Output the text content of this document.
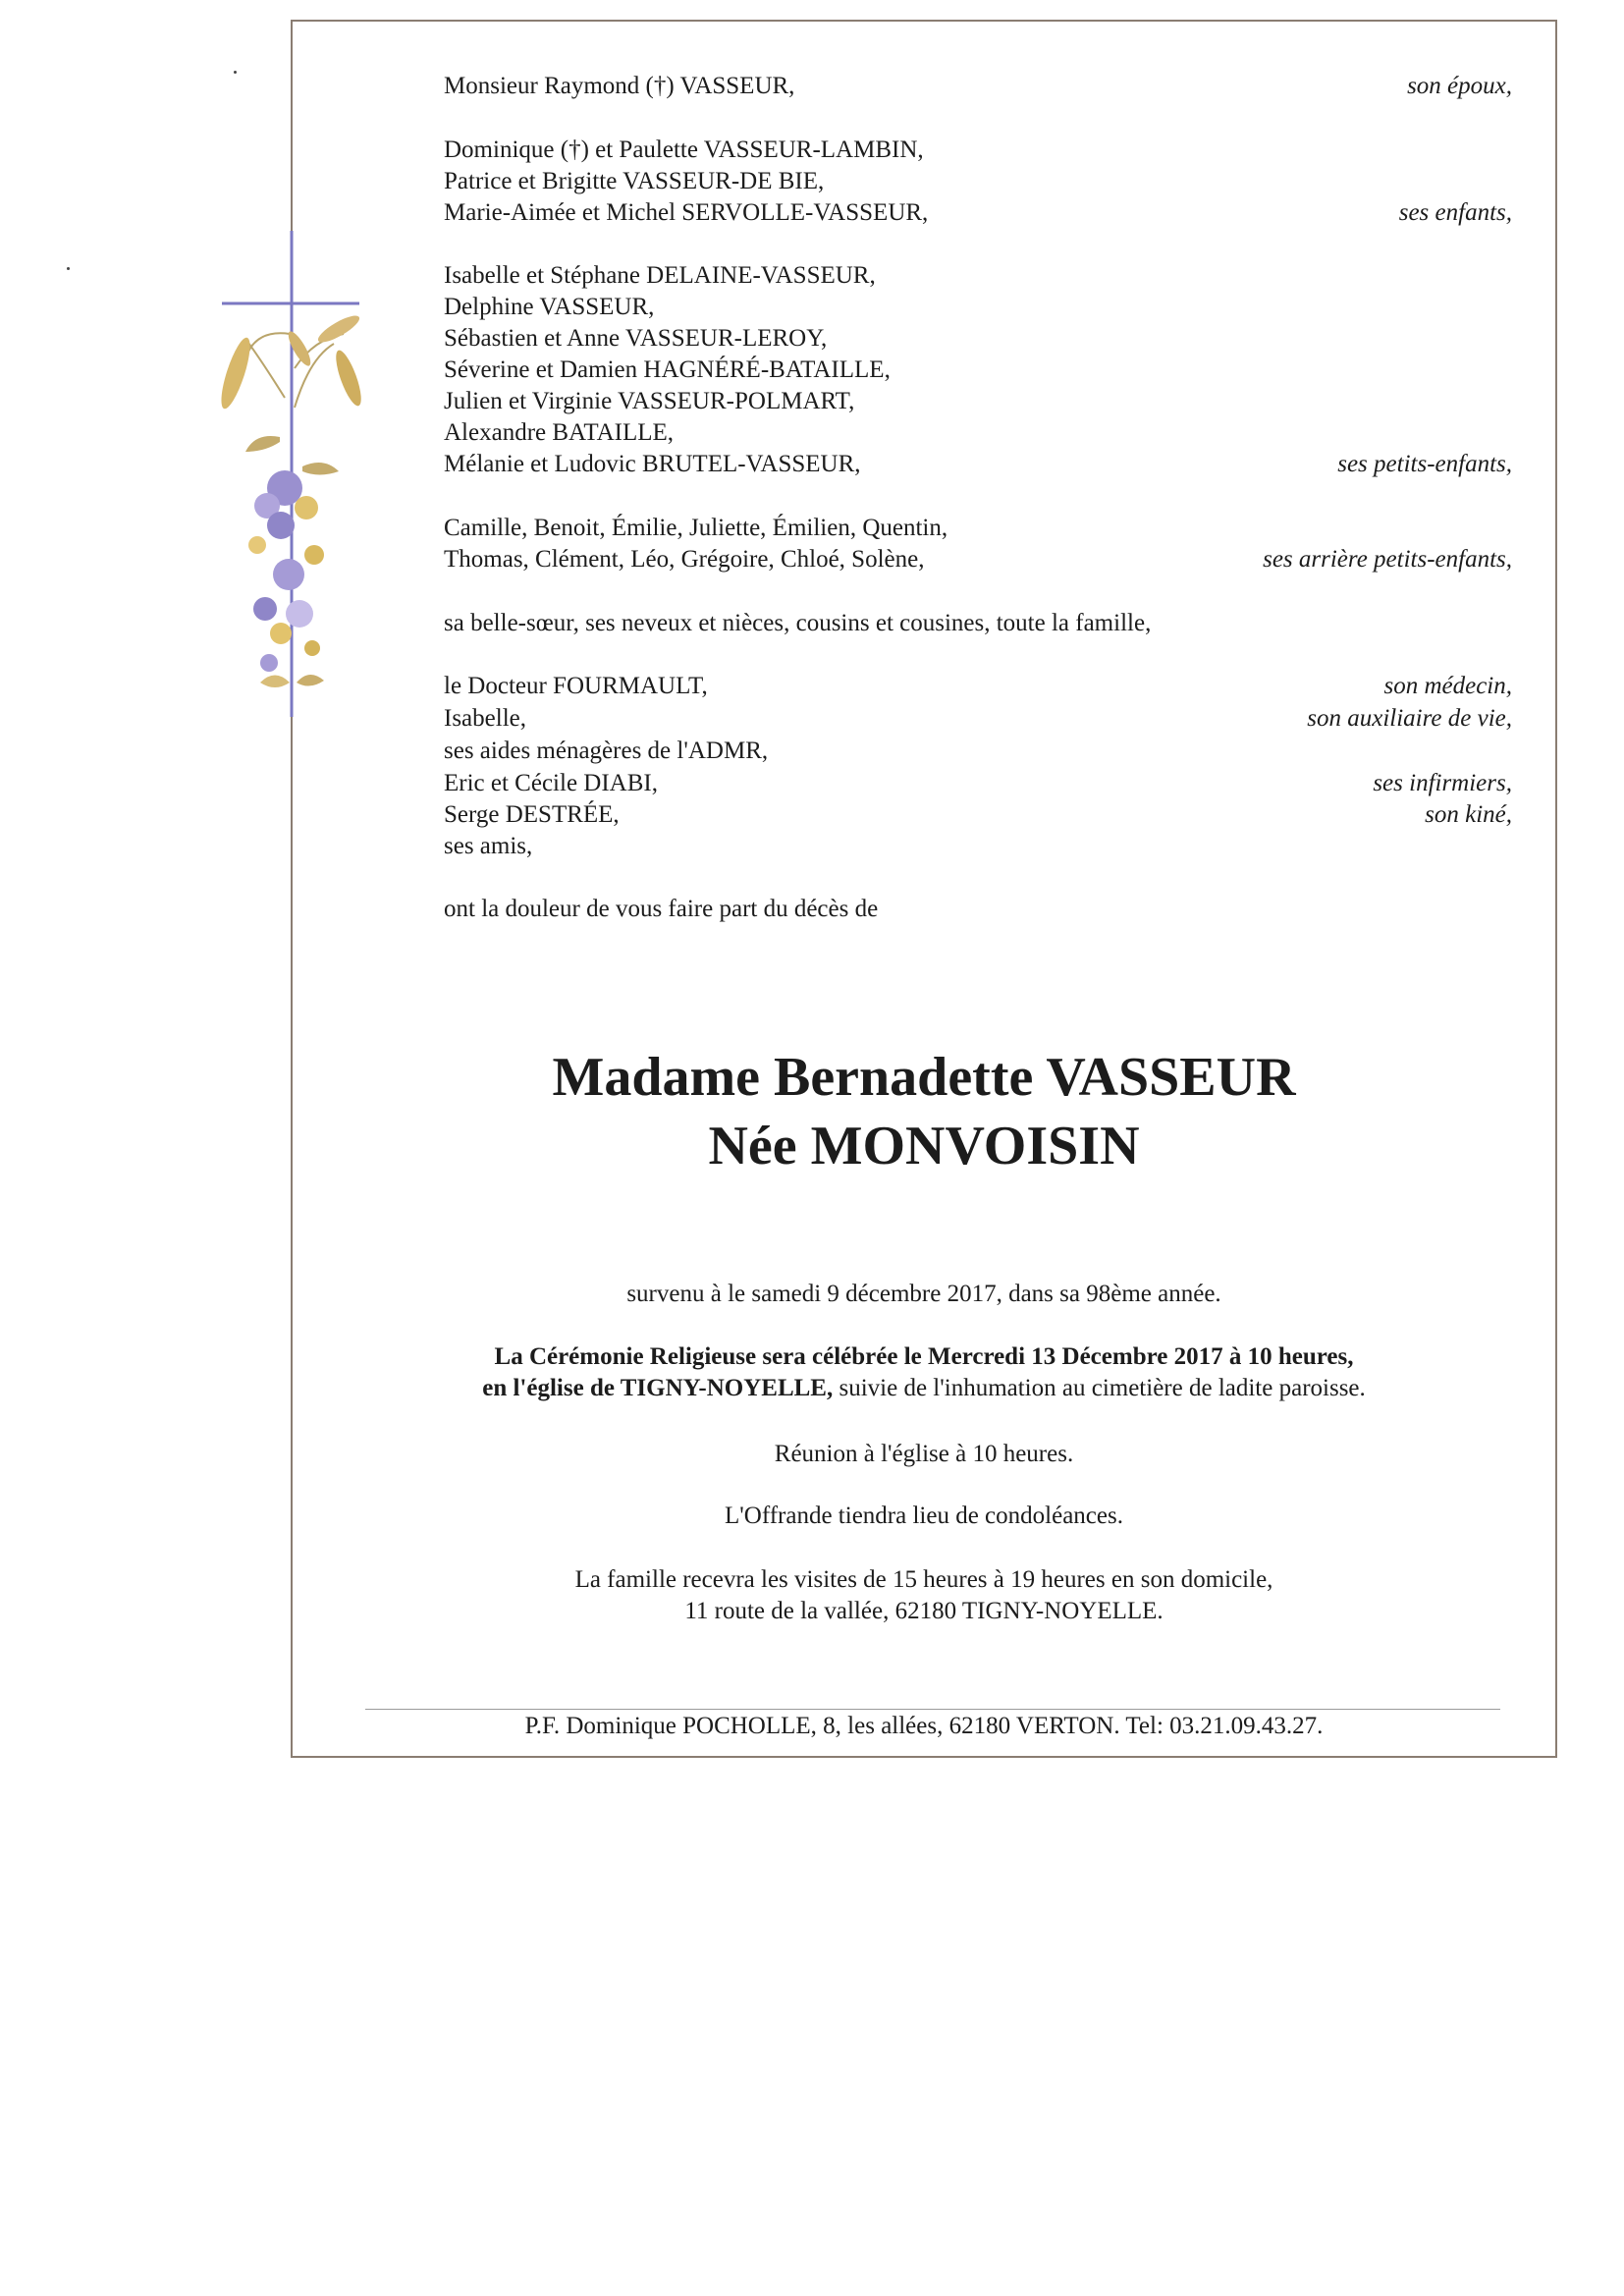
Monsieur Raymond (†) VASSEUR,	son époux,
Dominique (†) et Paulette VASSEUR-LAMBIN,
Patrice et Brigitte VASSEUR-DE BIE,
Marie-Aimée et Michel SERVOLLE-VASSEUR,	ses enfants,
Isabelle et Stéphane DELAINE-VASSEUR,
Delphine VASSEUR,
Sébastien et Anne VASSEUR-LEROY,
Séverine et Damien HAGNÉRÉ-BATAILLE,
Julien et Virginie VASSEUR-POLMART,
Alexandre BATAILLE,
Mélanie et Ludovic BRUTEL-VASSEUR,	ses petits-enfants,
Camille, Benoit, Émilie, Juliette, Émilien, Quentin,
Thomas, Clément, Léo, Grégoire, Chloé, Solène,	ses arrière petits-enfants,
sa belle-sœur, ses neveux et nièces, cousins et cousines, toute la famille,
le Docteur FOURMAULT,	son médecin,
Isabelle,	son auxiliaire de vie,
ses aides ménagères de l'ADMR,
Eric et Cécile DIABI,	ses infirmiers,
Serge DESTRÉE,	son kiné,
ses amis,
ont la douleur de vous faire part du décès de
Madame Bernadette VASSEUR
Née MONVOISIN
survenu à le samedi 9 décembre 2017, dans sa 98ème année.
La Cérémonie Religieuse sera célébrée le Mercredi 13 Décembre 2017 à 10 heures,
en l'église de TIGNY-NOYELLE, suivie de l'inhumation au cimetière de ladite paroisse.
Réunion à l'église à 10 heures.
L'Offrande tiendra lieu de condoléances.
La famille recevra les visites de 15 heures à 19 heures en son domicile,
11 route de la vallée, 62180 TIGNY-NOYELLE.
P.F. Dominique POCHOLLE, 8, les allées, 62180 VERTON. Tel: 03.21.09.43.27.
